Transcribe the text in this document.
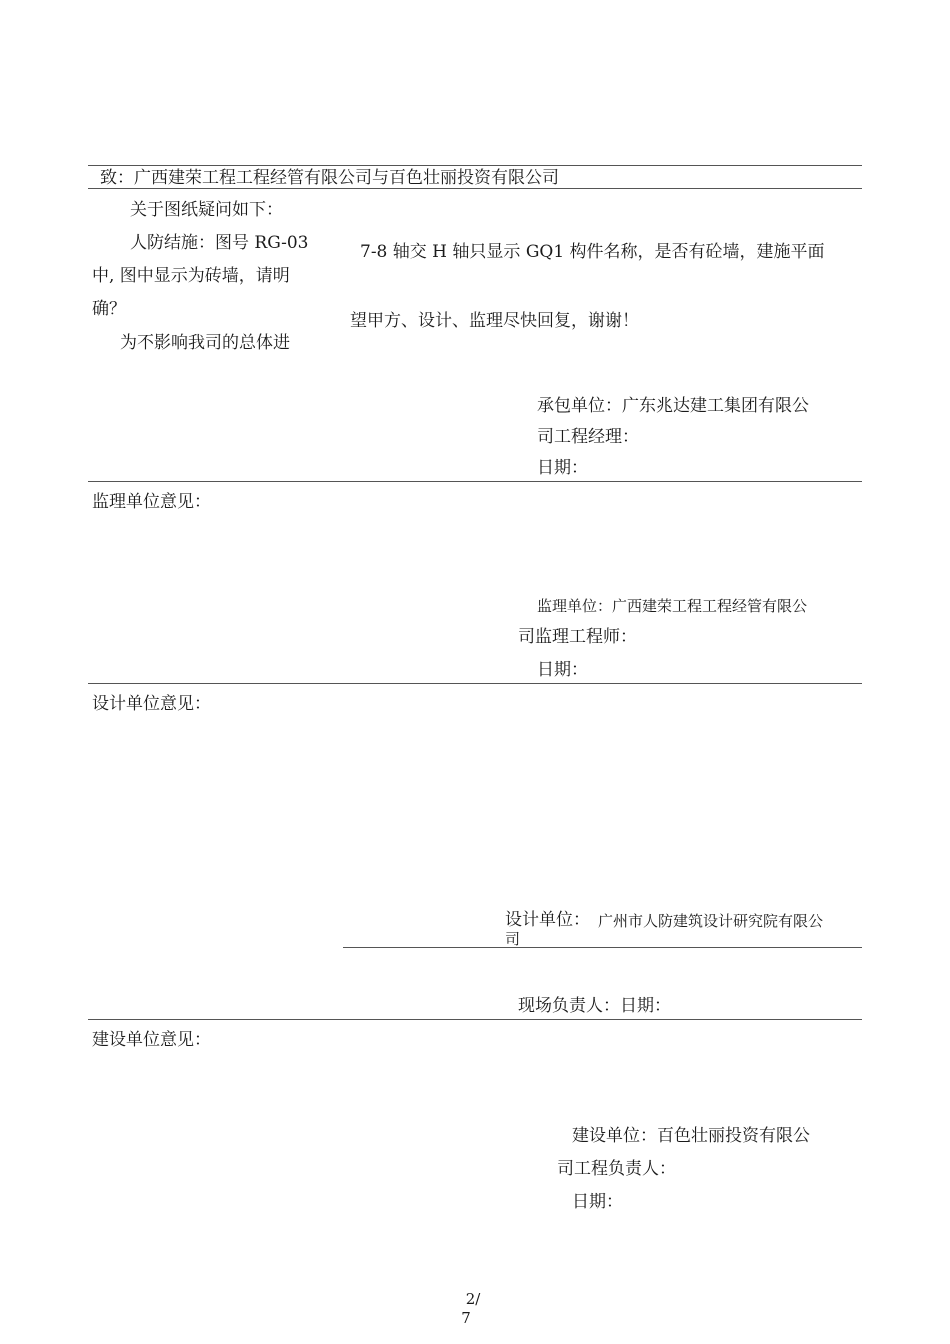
致：广西建荣工程工程经管有限公司与百色壮丽投资有限公司
关于图纸疑问如下：
人防结施：图号 RG-03
中, 图中显示为砖墙，请明
确？
为不影响我司的总体进
7-8 轴交 H 轴只显示 GQ1 构件名称，是否有砼墙，建施平面
望甲方、设计、监理尽快回复，谢谢！
承包单位：广东兆达建工集团有限公
司工程经理：
日期：
监理单位意见：
监理单位：广西建荣工程工程经管有限公
司监理工程师：
日期：
设计单位意见：
设计单位： 广州市人防建筑设计研究院有限公
司
现场负责人：日期：
建设单位意见：
建设单位：百色壮丽投资有限公
司工程负责人：
日期：
2/
7
